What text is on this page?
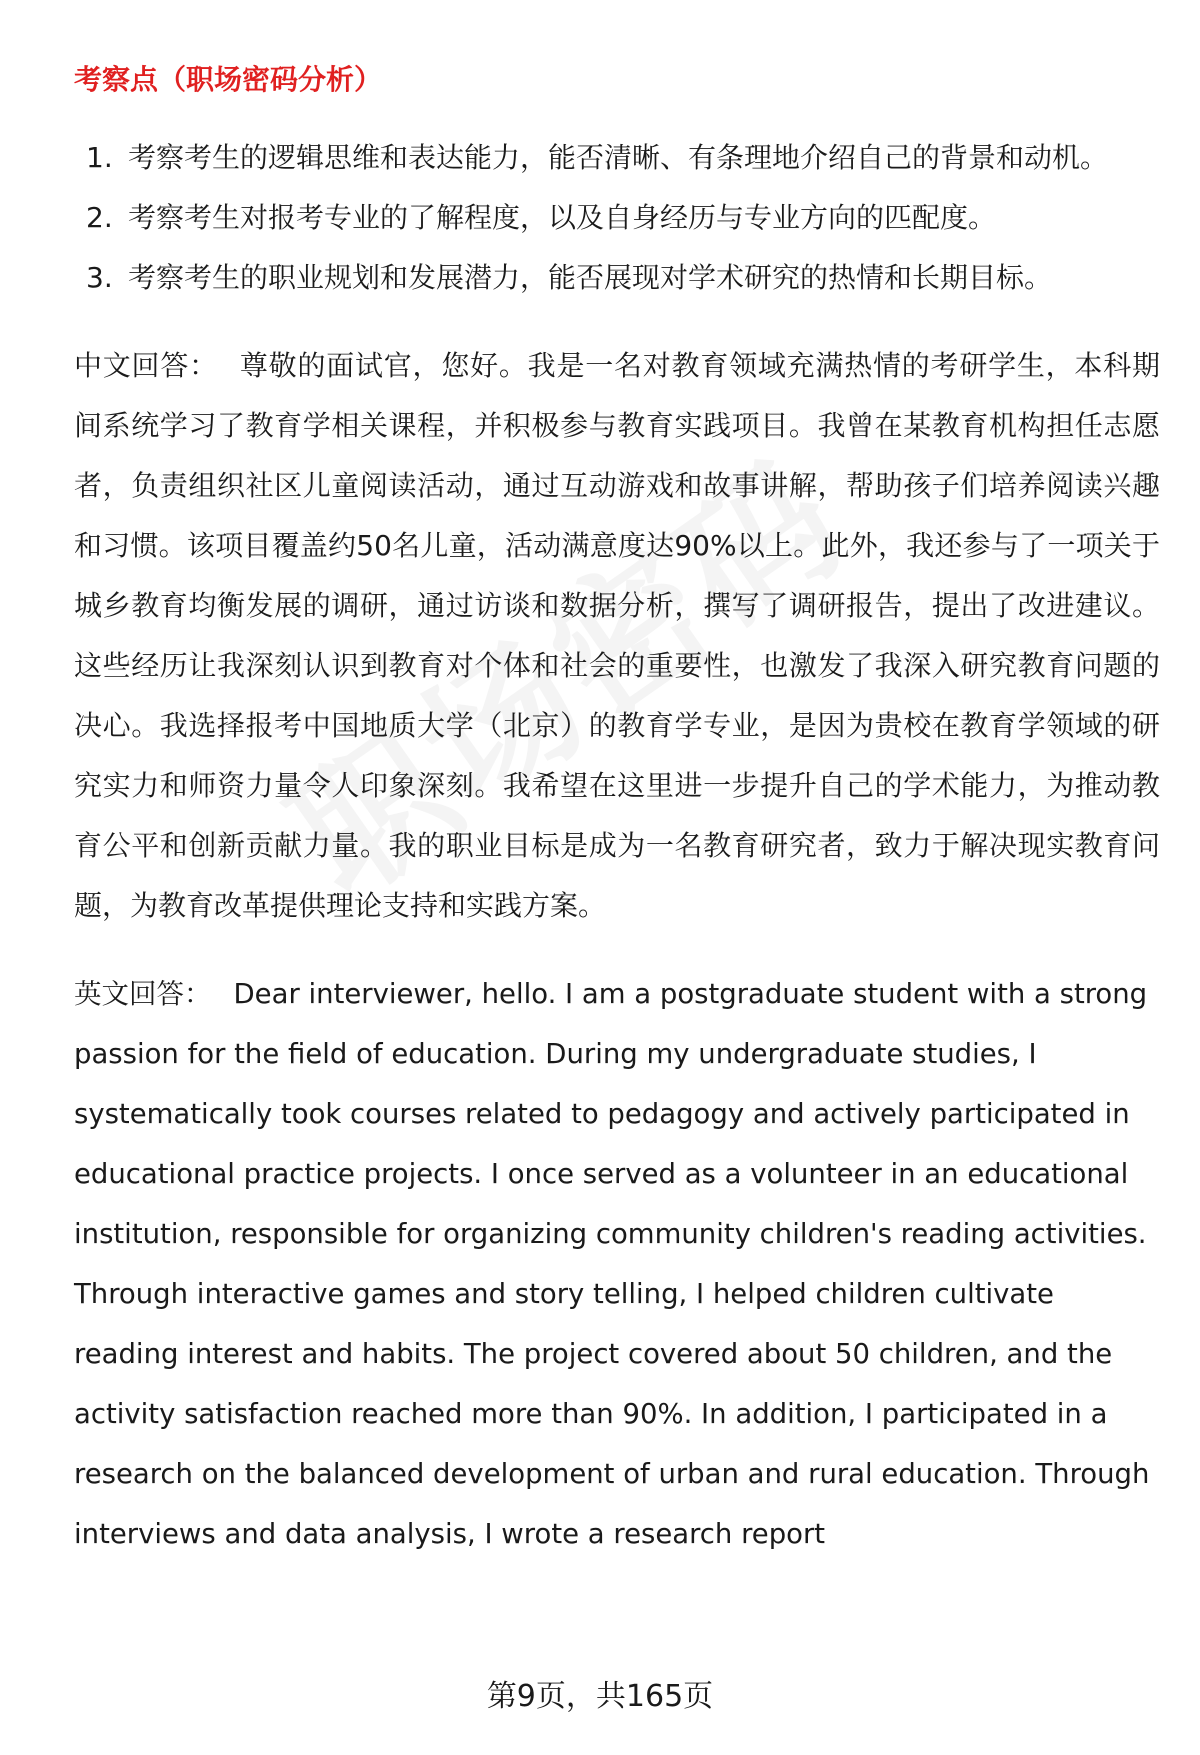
考察点（职场密码分析）
1. 考察考生的逻辑思维和表达能力，能否清晰、有条理地介绍自己的背景和动机。
2. 考察考生对报考专业的了解程度，以及自身经历与专业方向的匹配度。
3. 考察考生的职业规划和发展潜力，能否展现对学术研究的热情和长期目标。

中文回答： 尊敬的面试官，您好。我是一名对教育领域充满热情的考研学生，本科期间系统学习了教育学相关课程，并积极参与教育实践项目。我曾在某教育机构担任志愿者，负责组织社区儿童阅读活动，通过互动游戏和故事讲解，帮助孩子们培养阅读兴趣和习惯。该项目覆盖约50名儿童，活动满意度达90%以上。此外，我还参与了一项关于城乡教育均衡发展的调研，通过访谈和数据分析，撰写了调研报告，提出了改进建议。这些经历让我深刻认识到教育对个体和社会的重要性，也激发了我深入研究教育问题的决心。我选择报考中国地质大学（北京）的教育学专业，是因为贵校在教育学领域的研究实力和师资力量令人印象深刻。我希望在这里进一步提升自己的学术能力，为推动教育公平和创新贡献力量。我的职业目标是成为一名教育研究者，致力于解决现实教育问题，为教育改革提供理论支持和实践方案。

英文回答： Dear interviewer, hello. I am a postgraduate student with a strong passion for the field of education. During my undergraduate studies, I systematically took courses related to pedagogy and actively participated in educational practice projects. I once served as a volunteer in an educational institution, responsible for organizing community children's reading activities. Through interactive games and story telling, I helped children cultivate reading interest and habits. The project covered about 50 children, and the activity satisfaction reached more than 90%. In addition, I participated in a research on the balanced development of urban and rural education. Through interviews and data analysis, I wrote a research report

第9页，共165页
